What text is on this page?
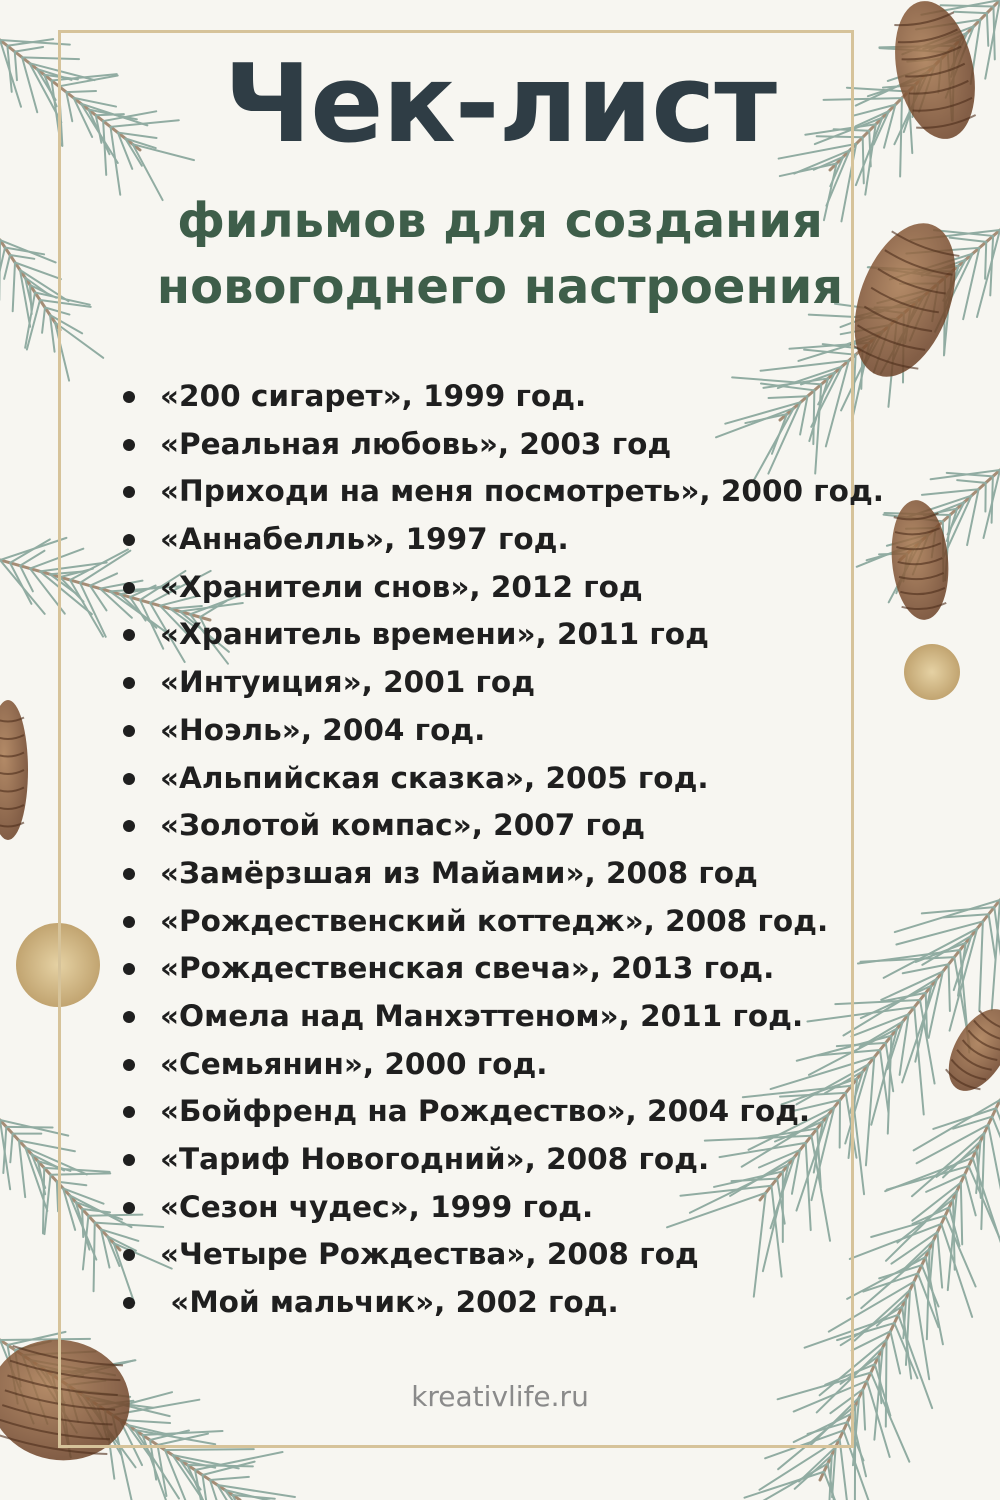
Чек-лист
фильмов для создания
новогоднего настроения
«200 сигарет», 1999 год.
«Реальная любовь», 2003 год
«Приходи на меня посмотреть», 2000 год.
«Аннабелль», 1997 год.
«Хранители снов», 2012 год
«Хранитель времени», 2011 год
«Интуиция», 2001 год
«Ноэль», 2004 год.
«Альпийская сказка», 2005 год.
«Золотой компас», 2007 год
«Замёрзшая из Майами», 2008 год
«Рождественский коттедж», 2008 год.
«Рождественская свеча», 2013 год.
«Омела над Манхэттеном», 2011 год.
«Семьянин», 2000 год.
«Бойфренд на Рождество», 2004 год.
«Тариф Новогодний», 2008 год.
«Сезон чудес», 1999 год.
«Четыре Рождества», 2008 год
«Мой мальчик», 2002 год.
kreativlife.ru
